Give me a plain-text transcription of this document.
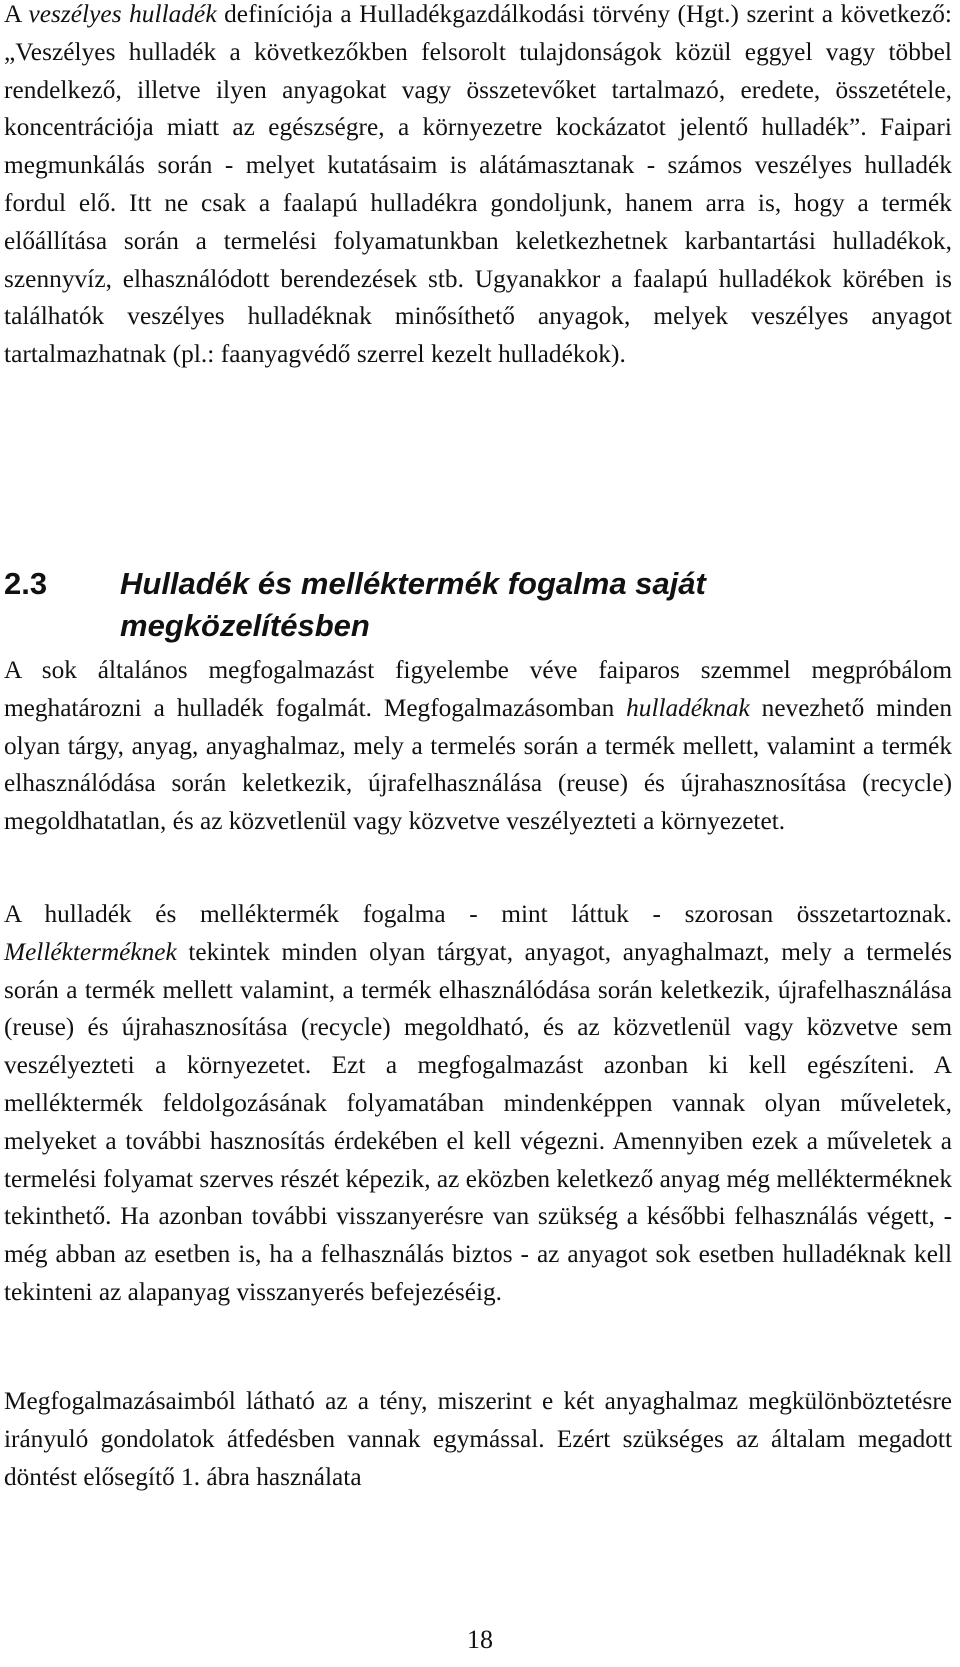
A veszélyes hulladék definíciója a Hulladékgazdálkodási törvény (Hgt.) szerint a következő: „Veszélyes hulladék a következőkben felsorolt tulajdonságok közül eggyel vagy többel rendelkező, illetve ilyen anyagokat vagy összetevőket tartalmazó, eredete, összetétele, koncentrációja miatt az egészségre, a környezetre kockázatot jelentő hulladék”. Faipari megmunkálás során - melyet kutatásaim is alátámasztanak - számos veszélyes hulladék fordul elő. Itt ne csak a faalapú hulladékra gondoljunk, hanem arra is, hogy a termék előállítása során a termelési folyamatunkban keletkezhetnek karbantartási hulladékok, szennyvíz, elhasználódott berendezések stb. Ugyanakkor a faalapú hulladékok körében is találhatók veszélyes hulladéknak minősíthető anyagok, melyek veszélyes anyagot tartalmazhatnak (pl.: faanyagvédő szerrel kezelt hulladékok).

2.3	Hulladék és melléktermék fogalma saját megközelítésben

A sok általános megfogalmazást figyelembe véve faiparos szemmel megpróbálom meghatározni a hulladék fogalmát. Megfogalmazásomban hulladéknak nevezhető minden olyan tárgy, anyag, anyaghalmaz, mely a termelés során a termék mellett, valamint a termék elhasználódása során keletkezik, újrafelhasználása (reuse) és újrahasznosítása (recycle) megoldhatatlan, és az közvetlenül vagy közvetve veszélyezteti a környezetet.

A hulladék és melléktermék fogalma - mint láttuk - szorosan összetartoznak. Mellékterméknek tekintek minden olyan tárgyat, anyagot, anyaghalmazt, mely a termelés során a termék mellett valamint, a termék elhasználódása során keletkezik, újrafelhasználása (reuse) és újrahasznosítása (recycle) megoldható, és az közvetlenül vagy közvetve sem veszélyezteti a környezetet. Ezt a megfogalmazást azonban ki kell egészíteni. A melléktermék feldolgozásának folyamatában mindenképpen vannak olyan műveletek, melyeket a további hasznosítás érdekében el kell végezni. Amennyiben ezek a műveletek a termelési folyamat szerves részét képezik, az eközben keletkező anyag még mellékterméknek tekinthető. Ha azonban további visszanyerésre van szükség a későbbi felhasználás végett, - még abban az esetben is, ha a felhasználás biztos - az anyagot sok esetben hulladéknak kell tekinteni az alapanyag visszanyerés befejezéséig.

Megfogalmazásaimból látható az a tény, miszerint e két anyaghalmaz megkülönböztetésre irányuló gondolatok átfedésben vannak egymással. Ezért szükséges az általam megadott döntést elősegítő 1. ábra használata

18
